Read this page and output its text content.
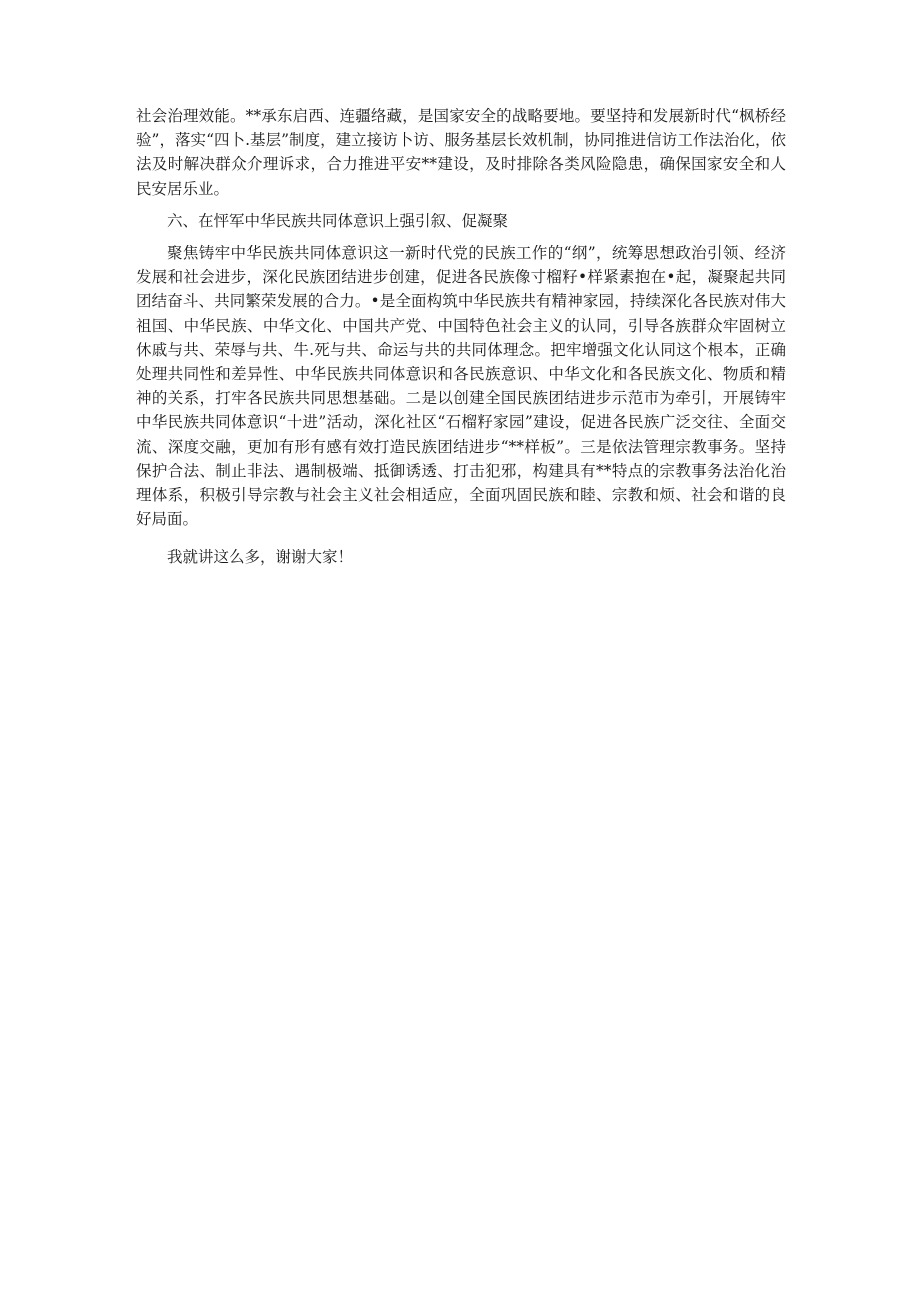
社会治理效能。**承东启西、连疆络藏，是国家安全的战略要地。要坚持和发展新时代“枫桥经验”，落实“四卜.基层”制度，建立接访卜访、服务基层长效机制，协同推进信访工作法治化，依法及时解决群众介理诉求，合力推进平安**建设，及时排除各类风险隐患，确保国家安全和人民安居乐业。

六、在怦军中华民族共同体意识上强引叙、促凝聚

聚焦铸牢中华民族共同体意识这一新时代党的民族工作的“纲”，统筹思想政治引领、经济发展和社会进步，深化民族团结进步创建，促进各民族像寸榴籽•样紧素抱在•起，凝聚起共同团结奋斗、共同繁荣发展的合力。•是全面构筑中华民族共有精神家园，持续深化各民族对伟大祖国、中华民族、中华文化、中国共产党、中国特色社会主义的认同，引导各族群众牢固树立休戚与共、荣辱与共、牛.死与共、命运与共的共同体理念。把牢增强文化认同这个根本，正确处理共同性和差异性、中华民族共同体意识和各民族意识、中华文化和各民族文化、物质和精神的关系，打牢各民族共同思想基础。二是以创建全国民族团结进步示范市为牵引，开展铸牢中华民族共同体意识“十进”活动，深化社区“石榴籽家园”建设，促进各民族广泛交往、全面交流、深度交融，更加有形有感有效打造民族团结进步“**样板”。三是依法管理宗教事务。坚持保护合法、制止非法、遇制极端、抵御诱透、打击犯邪，构建具有**特点的宗教事务法治化治理体系，积极引导宗教与社会主义社会相适应，全面巩固民族和睦、宗教和烦、社会和谐的良好局面。

我就讲这么多，谢谢大家！
